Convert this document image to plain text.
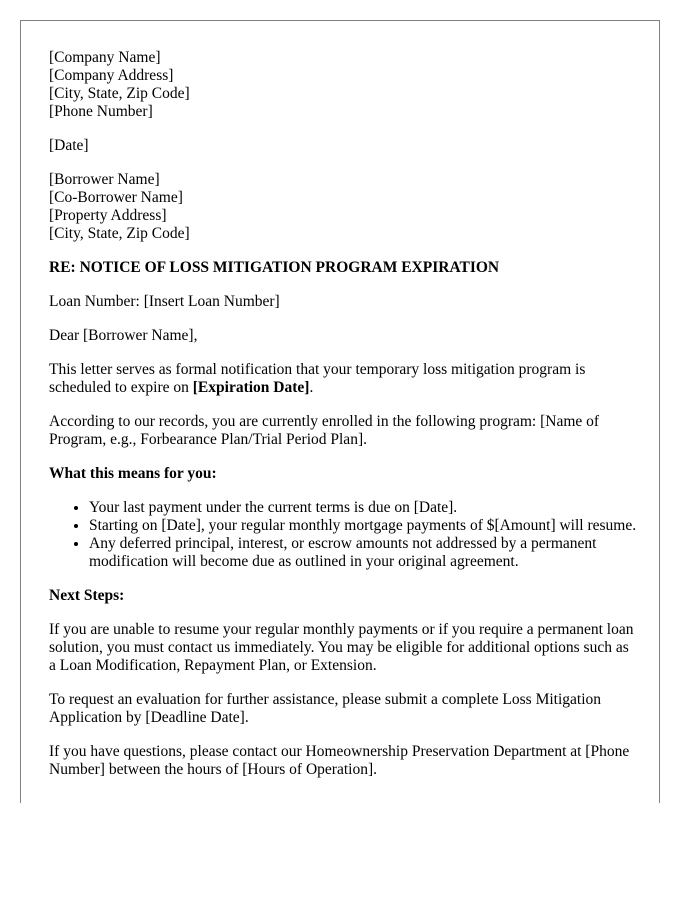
[Company Name]
[Company Address]
[City, State, Zip Code]
[Phone Number]
[Date]
[Borrower Name]
[Co-Borrower Name]
[Property Address]
[City, State, Zip Code]

RE: NOTICE OF LOSS MITIGATION PROGRAM EXPIRATION

Loan Number: [Insert Loan Number]

Dear [Borrower Name],

This letter serves as formal notification that your temporary loss mitigation program is scheduled to expire on [Expiration Date].

According to our records, you are currently enrolled in the following program: [Name of Program, e.g., Forbearance Plan/Trial Period Plan].

What this means for you:

• Your last payment under the current terms is due on [Date].
• Starting on [Date], your regular monthly mortgage payments of $[Amount] will resume.
• Any deferred principal, interest, or escrow amounts not addressed by a permanent modification will become due as outlined in your original agreement.

Next Steps:

If you are unable to resume your regular monthly payments or if you require a permanent loan solution, you must contact us immediately. You may be eligible for additional options such as a Loan Modification, Repayment Plan, or Extension.

To request an evaluation for further assistance, please submit a complete Loss Mitigation Application by [Deadline Date].

If you have questions, please contact our Homeownership Preservation Department at [Phone Number] between the hours of [Hours of Operation].
